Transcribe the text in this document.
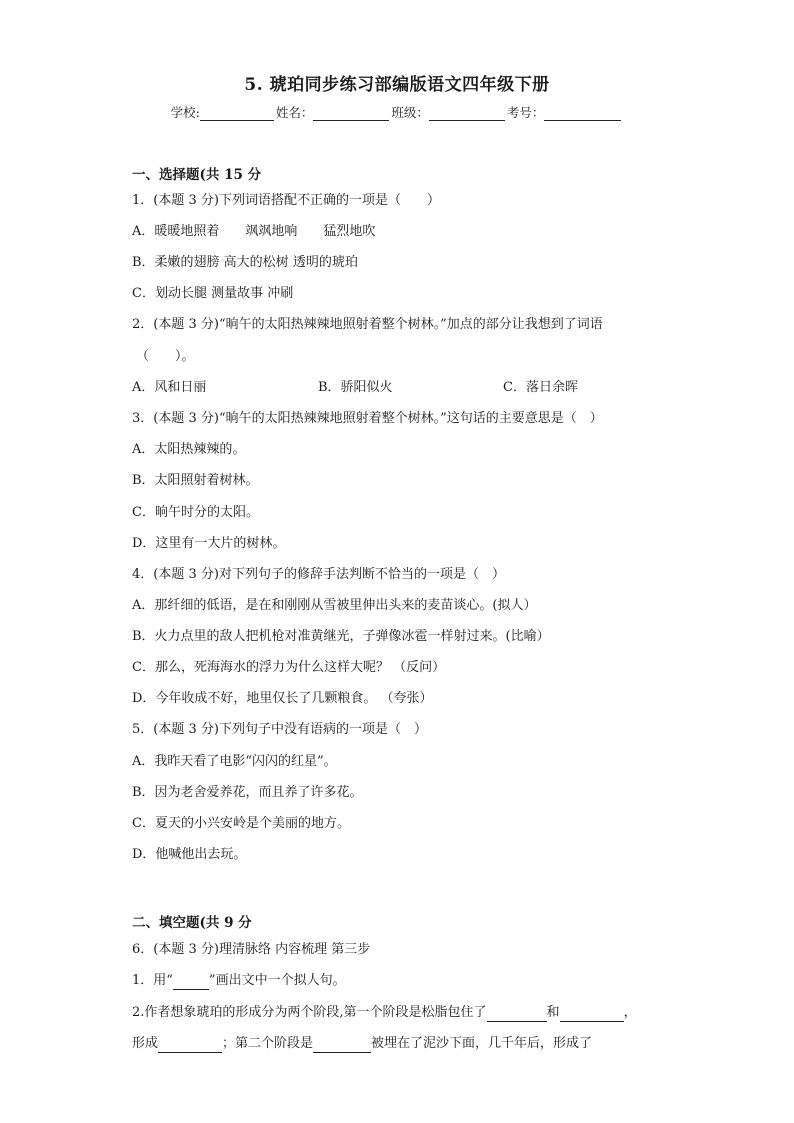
5. 琥珀同步练习部编版语文四年级下册
学校:	姓名：	班级：	考号：
一、选择题(共 15 分
1．(本题 3 分)下列词语搭配不正确的一项是（　　）
A．暖暖地照着　　飒飒地响　　猛烈地吹
B．柔嫩的翅膀 高大的松树 透明的琥珀
C．划动长腿 测量故事 冲刷
2．(本题 3 分)“晌午的太阳热辣辣地照射着整个树林。”加点的部分让我想到了词语
（　　）。
A．风和日丽	B．骄阳似火	C．落日余晖
3．(本题 3 分)“晌午的太阳热辣辣地照射着整个树林。”这句话的主要意思是（　）
A．太阳热辣辣的。
B．太阳照射着树林。
C．晌午时分的太阳。
D．这里有一大片的树林。
4．(本题 3 分)对下列句子的修辞手法判断不恰当的一项是（　）
A．那纤细的低语，是在和刚刚从雪被里伸出头来的麦苗谈心。(拟人）
B．火力点里的敌人把机枪对准黄继光，子弹像冰雹一样射过来。(比喻）
C．那么，死海海水的浮力为什么这样大呢？ （反问）
D．今年收成不好，地里仅长了几颗粮食。 （夸张）
5．(本题 3 分)下列句子中没有语病的一项是（　）
A．我昨天看了电影“闪闪的红星”。
B．因为老舍爱养花，而且养了许多花。
C．夏天的小兴安岭是个美丽的地方。
D．他喊他出去玩。
二、填空题(共 9 分
6．(本题 3 分)理清脉络 内容梳理 第三步
1．用“	”画出文中一个拟人句。
2.作者想象琥珀的形成分为两个阶段,第一个阶段是松脂包住了	和	，
形成	；第二个阶段是	被埋在了泥沙下面，几千年后，形成了
